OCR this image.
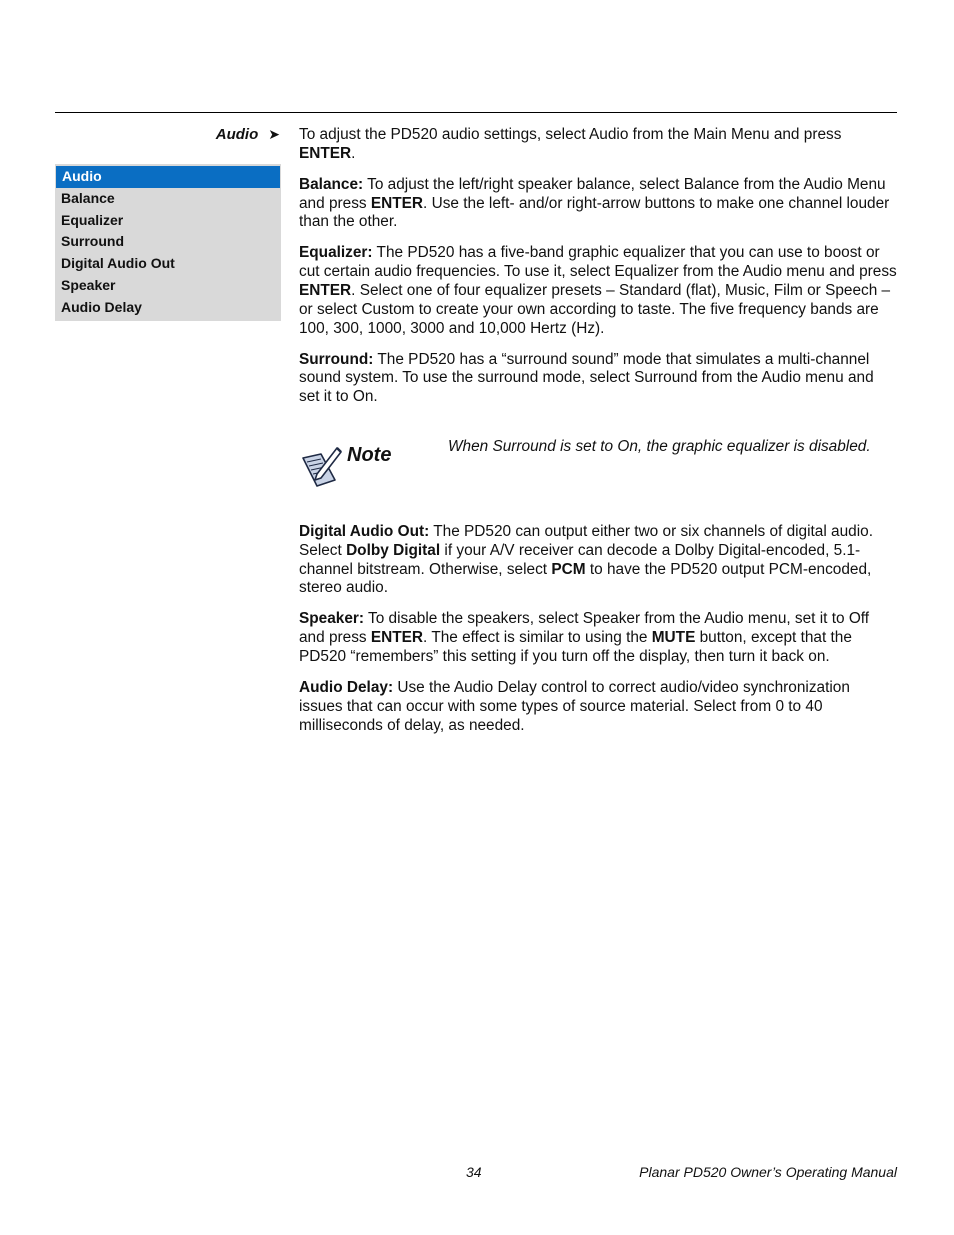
Audio ➤
Audio
Balance
Equalizer
Surround
Digital Audio Out
Speaker
Audio Delay

To adjust the PD520 audio settings, select Audio from the Main Menu and press ENTER.

Balance: To adjust the left/right speaker balance, select Balance from the Audio Menu and press ENTER. Use the left- and/or right-arrow buttons to make one channel louder than the other.

Equalizer: The PD520 has a five-band graphic equalizer that you can use to boost or cut certain audio frequencies. To use it, select Equalizer from the Audio menu and press ENTER. Select one of four equalizer presets – Standard (flat), Music, Film or Speech – or select Custom to create your own according to taste. The five frequency bands are 100, 300, 1000, 3000 and 10,000 Hertz (Hz).

Surround: The PD520 has a “surround sound” mode that simulates a multi-channel sound system. To use the surround mode, select Surround from the Audio menu and set it to On.

Note	When Surround is set to On, the graphic equalizer is disabled.

Digital Audio Out: The PD520 can output either two or six channels of digital audio. Select Dolby Digital if your A/V receiver can decode a Dolby Digital-encoded, 5.1-channel bitstream. Otherwise, select PCM to have the PD520 output PCM-encoded, stereo audio.

Speaker: To disable the speakers, select Speaker from the Audio menu, set it to Off and press ENTER. The effect is similar to using the MUTE button, except that the PD520 “remembers” this setting if you turn off the display, then turn it back on.

Audio Delay: Use the Audio Delay control to correct audio/video synchronization issues that can occur with some types of source material. Select from 0 to 40 milliseconds of delay, as needed.

34	Planar PD520 Owner’s Operating Manual
